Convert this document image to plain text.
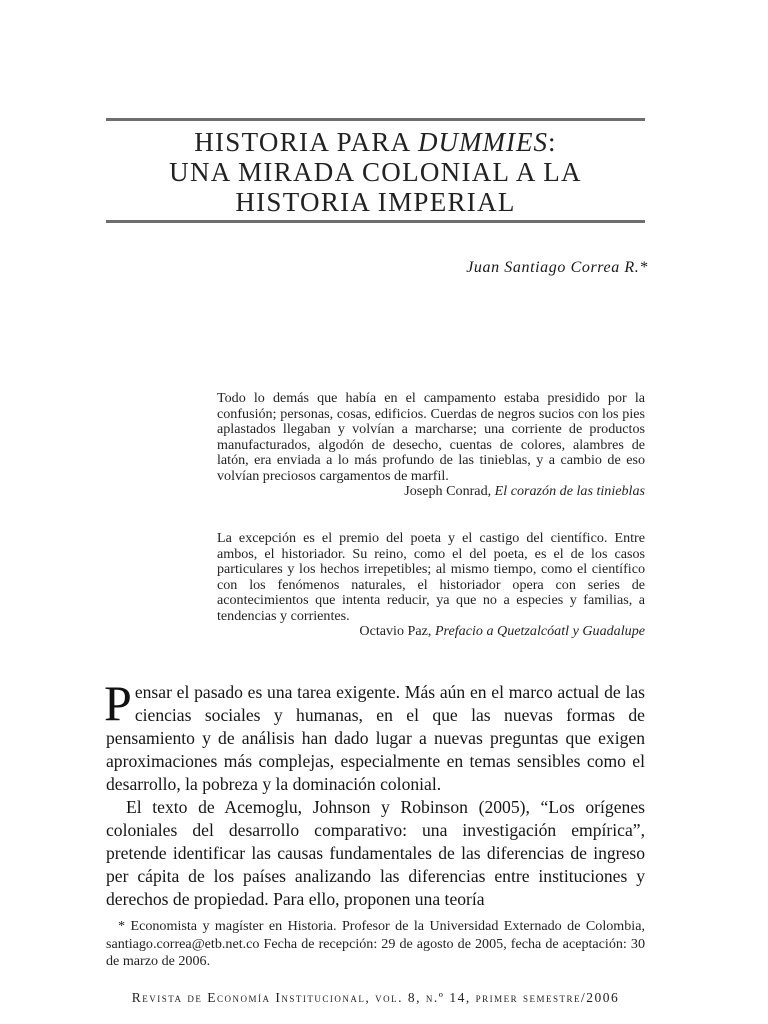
HISTORIA PARA DUMMIES:
UNA MIRADA COLONIAL A LA
HISTORIA IMPERIAL
Juan Santiago Correa R.*
Todo lo demás que había en el campamento estaba presidido por la confusión; personas, cosas, edificios. Cuerdas de negros sucios con los pies aplastados llegaban y volvían a marcharse; una corriente de productos manufacturados, algodón de desecho, cuentas de colores, alambres de latón, era enviada a lo más profundo de las tinieblas, y a cambio de eso volvían preciosos cargamentos de marfil.
Joseph Conrad, El corazón de las tinieblas
La excepción es el premio del poeta y el castigo del científico. Entre ambos, el historiador. Su reino, como el del poeta, es el de los casos particulares y los hechos irrepetibles; al mismo tiempo, como el científico con los fenómenos naturales, el historiador opera con series de acontecimientos que intenta reducir, ya que no a especies y familias, a tendencias y corrientes.
Octavio Paz, Prefacio a Quetzalcóatl y Guadalupe

Pensar el pasado es una tarea exigente. Más aún en el marco actual de las ciencias sociales y humanas, en el que las nuevas formas de pensamiento y de análisis han dado lugar a nuevas preguntas que exigen aproximaciones más complejas, especialmente en temas sensibles como el desarrollo, la pobreza y la dominación colonial.

El texto de Acemoglu, Johnson y Robinson (2005), “Los orígenes coloniales del desarrollo comparativo: una investigación empírica”, pretende identificar las causas fundamentales de las diferencias de ingreso per cápita de los países analizando las diferencias entre instituciones y derechos de propiedad. Para ello, proponen una teoría

* Economista y magíster en Historia. Profesor de la Universidad Externado de Colombia, santiago.correa@etb.net.co Fecha de recepción: 29 de agosto de 2005, fecha de aceptación: 30 de marzo de 2006.
Revista de Economía Institucional, vol. 8, n.º 14, primer semestre/2006
